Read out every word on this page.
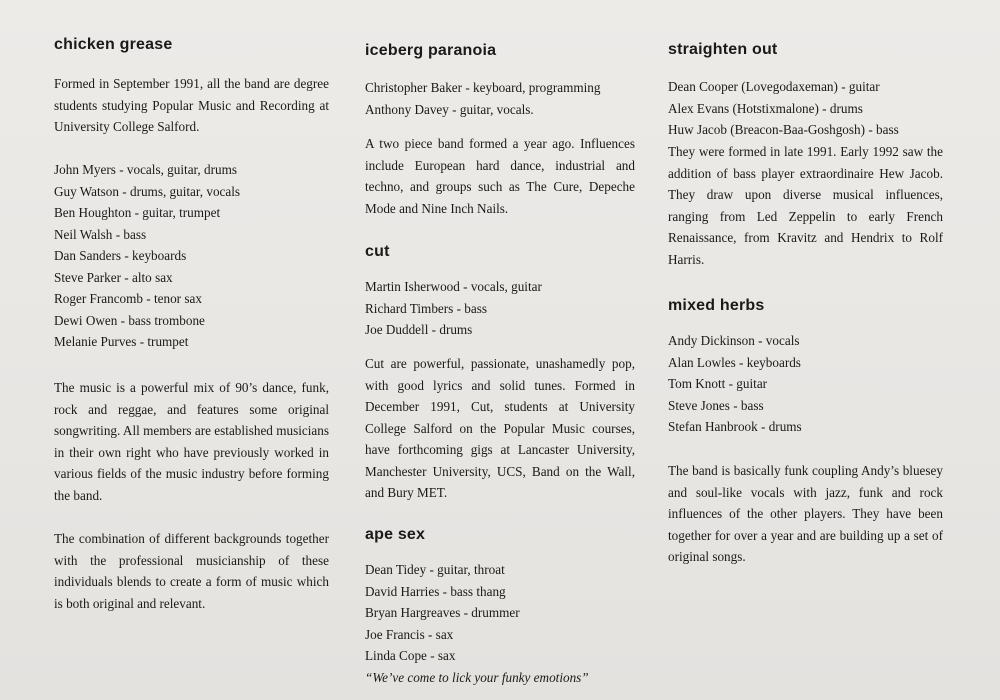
chicken grease

Formed in September 1991, all the band are degree students studying Popular Music and Recording at University College Salford.

John Myers - vocals, guitar, drums
Guy Watson - drums, guitar, vocals
Ben Houghton - guitar, trumpet
Neil Walsh - bass
Dan Sanders - keyboards
Steve Parker - alto sax
Roger Francomb - tenor sax
Dewi Owen - bass trombone
Melanie Purves - trumpet

The music is a powerful mix of 90’s dance, funk, rock and reggae, and features some original songwriting. All members are established musicians in their own right who have previously worked in various fields of the music industry before forming the band.

The combination of different backgrounds together with the professional musicianship of these individuals blends to create a form of music which is both original and relevant.

iceberg paranoia
Christopher Baker - keyboard, programming
Anthony Davey - guitar, vocals.

A two piece band formed a year ago. Influences include European hard dance, industrial and techno, and groups such as The Cure, Depeche Mode and Nine Inch Nails.

cut
Martin Isherwood - vocals, guitar
Richard Timbers - bass
Joe Duddell - drums

Cut are powerful, passionate, unashamedly pop, with good lyrics and solid tunes. Formed in December 1991, Cut, students at University College Salford on the Popular Music courses, have forthcoming gigs at Lancaster University, Manchester University, UCS, Band on the Wall, and Bury MET.

ape sex
Dean Tidey - guitar, throat
David Harries - bass thang
Bryan Hargreaves - drummer
Joe Francis - sax
Linda Cope - sax
“We’ve come to lick your funky emotions”
straighten out
Dean Cooper (Lovegodaxeman) - guitar
Alex Evans (Hotstixmalone) - drums
Huw Jacob (Breacon-Baa-Goshgosh) - bass

They were formed in late 1991. Early 1992 saw the addition of bass player extraordinaire Hew Jacob. They draw upon diverse musical influences, ranging from Led Zeppelin to early French Renaissance, from Kravitz and Hendrix to Rolf Harris.

mixed herbs
Andy Dickinson - vocals
Alan Lowles - keyboards
Tom Knott - guitar
Steve Jones - bass
Stefan Hanbrook - drums

The band is basically funk coupling Andy’s bluesey and soul-like vocals with jazz, funk and rock influences of the other players. They have been together for over a year and are building up a set of original songs.
